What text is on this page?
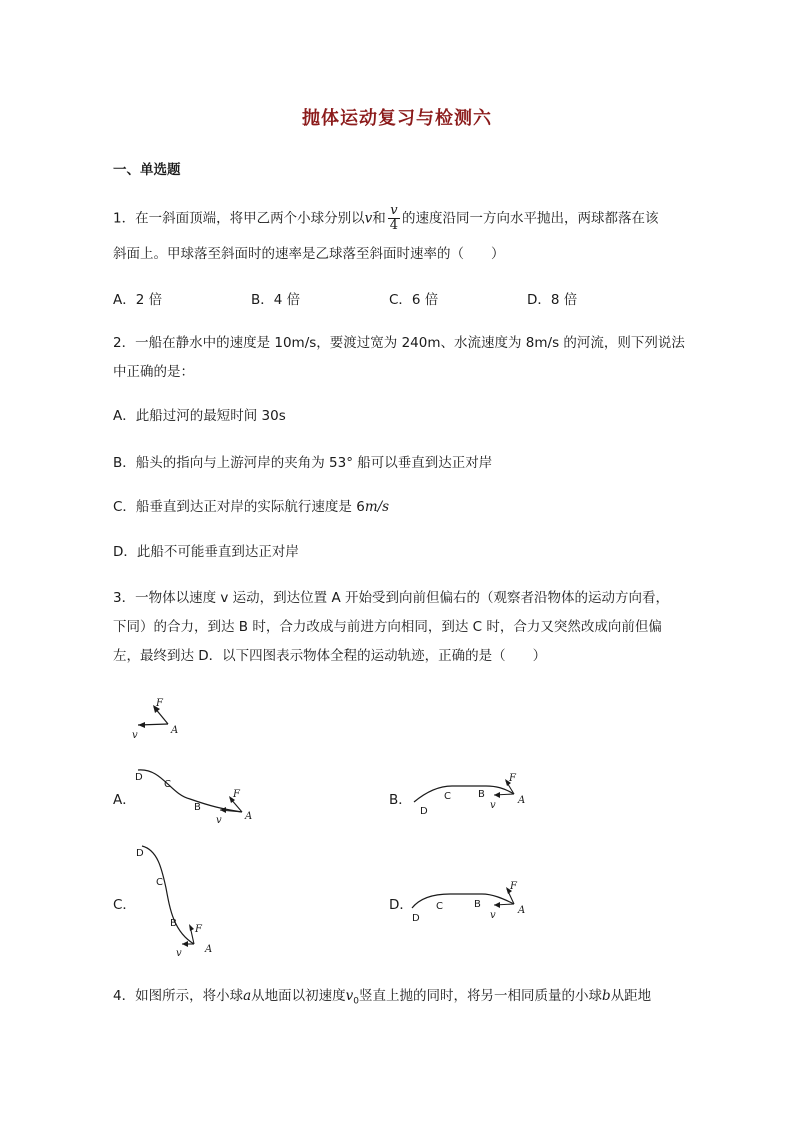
抛体运动复习与检测六
一、单选题
1．在一斜面顶端，将甲乙两个小球分别以v和 $\frac{v}{4}$ 的速度沿同一方向水平抛出，两球都落在该
斜面上。甲球落至斜面时的速率是乙球落至斜面时速率的（　　）
A．2 倍	B．4 倍	C．6 倍	D．8 倍
2．一船在静水中的速度是 10m/s，要渡过宽为 240m、水流速度为 8m/s 的河流，则下列说法
中正确的是：
A．此船过河的最短时间 30s
B．船头的指向与上游河岸的夹角为 53° 船可以垂直到达正对岸
C．船垂直到达正对岸的实际航行速度是 6m/s
D．此船不可能垂直到达正对岸
3．一物体以速度 v 运动，到达位置 A 开始受到向前但偏右的（观察者沿物体的运动方向看，
下同）的合力，到达 B 时，合力改成与前进方向相同，到达 C 时，合力又突然改成向前但偏
左，最终到达 D．以下四图表示物体全程的运动轨迹，正确的是（　　）
F
v	A
A．
D
C
B
F
v A
B．
D
C	B
F
v A
C．
D
C
B
F
v A
D．
D
C	B
F
v A
4．如图所示，将小球a从地面以初速度$v_0$竖直上抛的同时，将另一相同质量的小球b从距地
